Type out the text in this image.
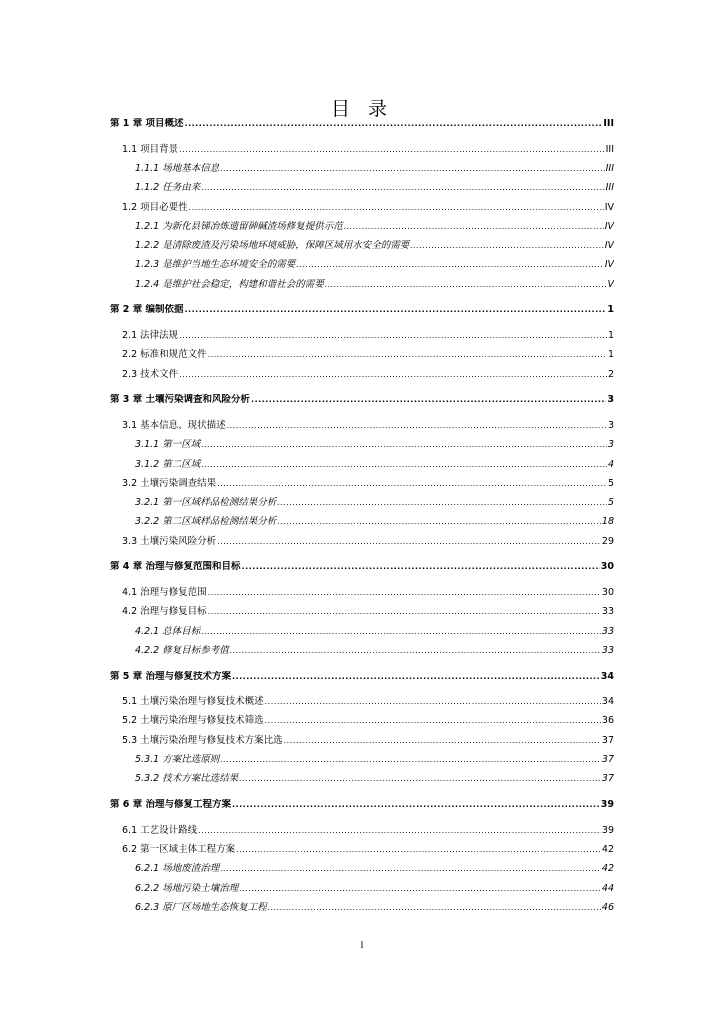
目 录
第 1 章 项目概述 .....	III
1.1 项目背景 .....	III
1.1.1 场地基本信息 .....	III
1.1.2 任务由来 .....	III
1.2 项目必要性 .....	IV
1.2.1 为新化县锑冶炼遗留砷碱渣场修复提供示范 .....	IV
1.2.2 是清除废渣及污染场地环境威胁，保障区域用水安全的需要 .....	IV
1.2.3 是维护当地生态环境安全的需要 .....	IV
1.2.4 是维护社会稳定，构建和谐社会的需要 .....	V
第 2 章 编制依据 .....	1
2.1 法律法规 .....	1
2.2 标准和规范文件 .....	1
2.3 技术文件 .....	2
第 3 章 土壤污染调查和风险分析 .....	3
3.1 基本信息、现状描述 .....	3
3.1.1 第一区域 .....	3
3.1.2 第二区域 .....	4
3.2 土壤污染调查结果 .....	5
3.2.1 第一区域样品检测结果分析 .....	5
3.2.2 第二区域样品检测结果分析 .....	18
3.3 土壤污染风险分析 .....	29
第 4 章 治理与修复范围和目标 .....	30
4.1 治理与修复范围 .....	30
4.2 治理与修复目标 .....	33
4.2.1 总体目标 .....	33
4.2.2 修复目标参考值 .....	33
第 5 章 治理与修复技术方案 .....	34
5.1 土壤污染治理与修复技术概述 .....	34
5.2 土壤污染治理与修复技术筛选 .....	36
5.3 土壤污染治理与修复技术方案比选 .....	37
5.3.1 方案比选原则 .....	37
5.3.2 技术方案比选结果 .....	37
第 6 章 治理与修复工程方案 .....	39
6.1 工艺设计路线 .....	39
6.2 第一区域主体工程方案 .....	42
6.2.1 场地废渣治理 .....	42
6.2.2 场地污染土壤治理 .....	44
6.2.3 原厂区场地生态恢复工程 .....	46
I
